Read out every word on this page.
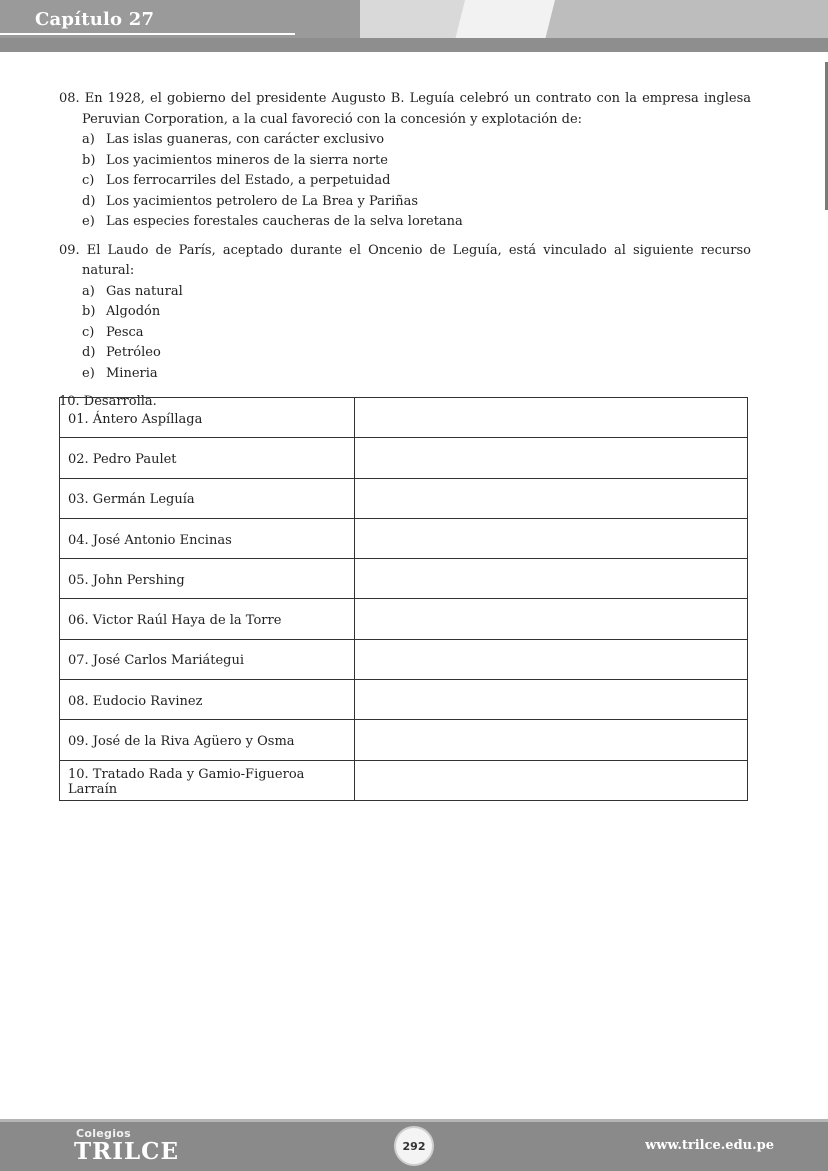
Capítulo 27

08. En 1928, el gobierno del presidente Augusto B. Leguía celebró un contrato con la empresa inglesa Peruvian Corporation, a la cual favoreció con la concesión y explotación de:

a) Las islas guaneras, con carácter exclusivo
b) Los yacimientos mineros de la sierra norte
c) Los ferrocarriles del Estado, a perpetuidad
d) Los yacimientos petrolero de La Brea y Pariñas
e) Las especies forestales caucheras de la selva loretana

09. El Laudo de París, aceptado durante el Oncenio de Leguía, está vinculado al siguiente recurso natural:

a) Gas natural
b) Algodón
c) Pesca
d) Petróleo
e) Mineria

10. Desarrolla.

01. Ántero Aspíllaga	
02. Pedro Paulet	
03. Germán Leguía	
04. José Antonio Encinas	
05. John Pershing	
06. Victor Raúl Haya de la Torre	
07. José Carlos Mariátegui	
08. Eudocio Ravinez	
09. José de la Riva Agüero y Osma	
10. Tratado Rada y Gamio-Figueroa Larraín	
Colegios
TRILCE	292	www.trilce.edu.pe
